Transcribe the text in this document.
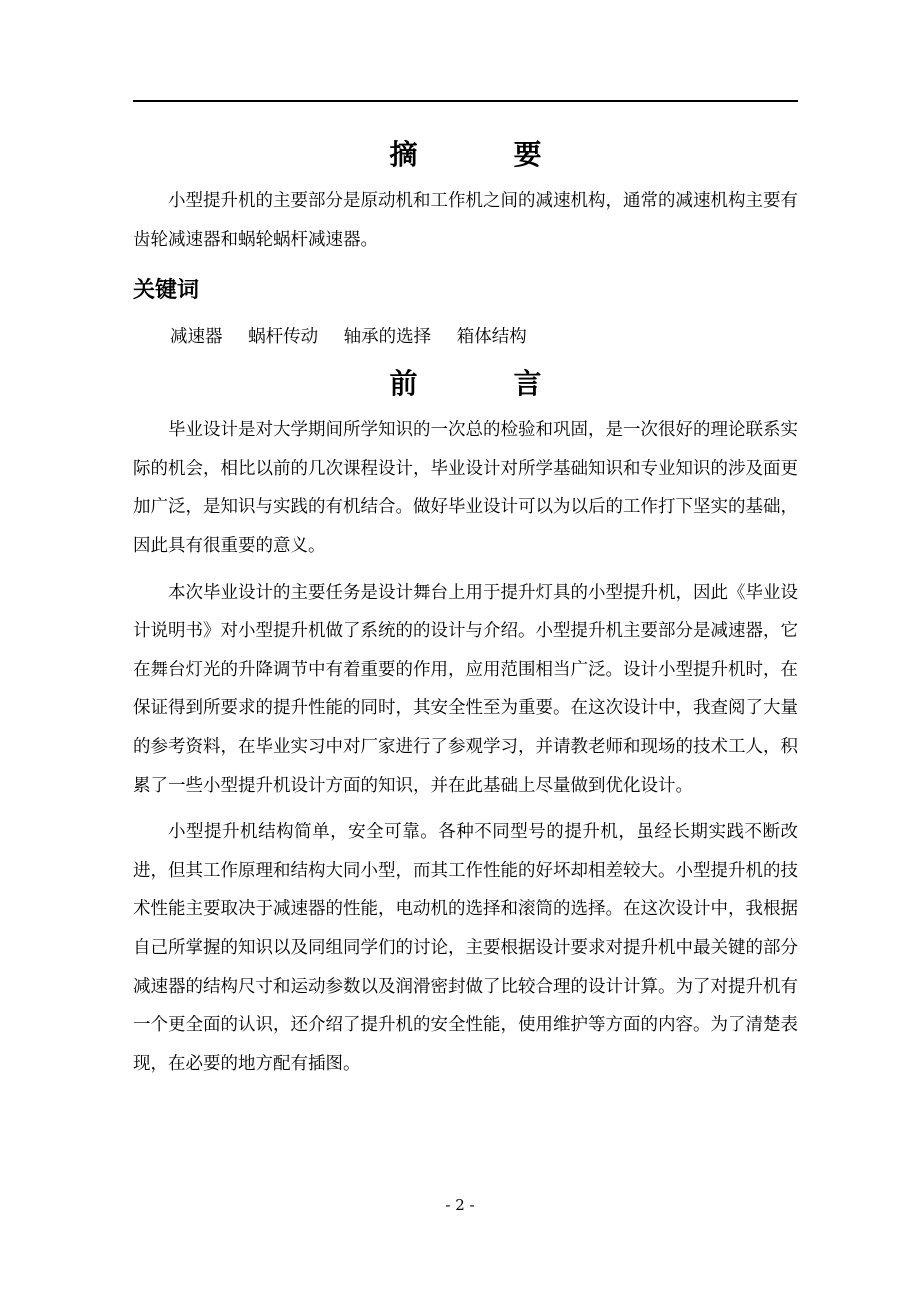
摘	要

小型提升机的主要部分是原动机和工作机之间的减速机构，通常的减速机构主要有齿轮减速器和蜗轮蜗杆减速器。

关键词

减速器 蜗杆传动 轴承的选择 箱体结构

前	言

毕业设计是对大学期间所学知识的一次总的检验和巩固，是一次很好的理论联系实际的机会，相比以前的几次课程设计，毕业设计对所学基础知识和专业知识的涉及面更加广泛，是知识与实践的有机结合。做好毕业设计可以为以后的工作打下坚实的基础，因此具有很重要的意义。

本次毕业设计的主要任务是设计舞台上用于提升灯具的小型提升机，因此《毕业设计说明书》对小型提升机做了系统的的设计与介绍。小型提升机主要部分是减速器，它在舞台灯光的升降调节中有着重要的作用，应用范围相当广泛。设计小型提升机时，在保证得到所要求的提升性能的同时，其安全性至为重要。在这次设计中，我查阅了大量的参考资料，在毕业实习中对厂家进行了参观学习，并请教老师和现场的技术工人，积累了一些小型提升机设计方面的知识，并在此基础上尽量做到优化设计。

小型提升机结构简单，安全可靠。各种不同型号的提升机，虽经长期实践不断改进，但其工作原理和结构大同小型，而其工作性能的好坏却相差较大。小型提升机的技术性能主要取决于减速器的性能，电动机的选择和滚筒的选择。在这次设计中，我根据自己所掌握的知识以及同组同学们的讨论，主要根据设计要求对提升机中最关键的部分减速器的结构尺寸和运动参数以及润滑密封做了比较合理的设计计算。为了对提升机有一个更全面的认识，还介绍了提升机的安全性能，使用维护等方面的内容。为了清楚表现，在必要的地方配有插图。

- 2 -
